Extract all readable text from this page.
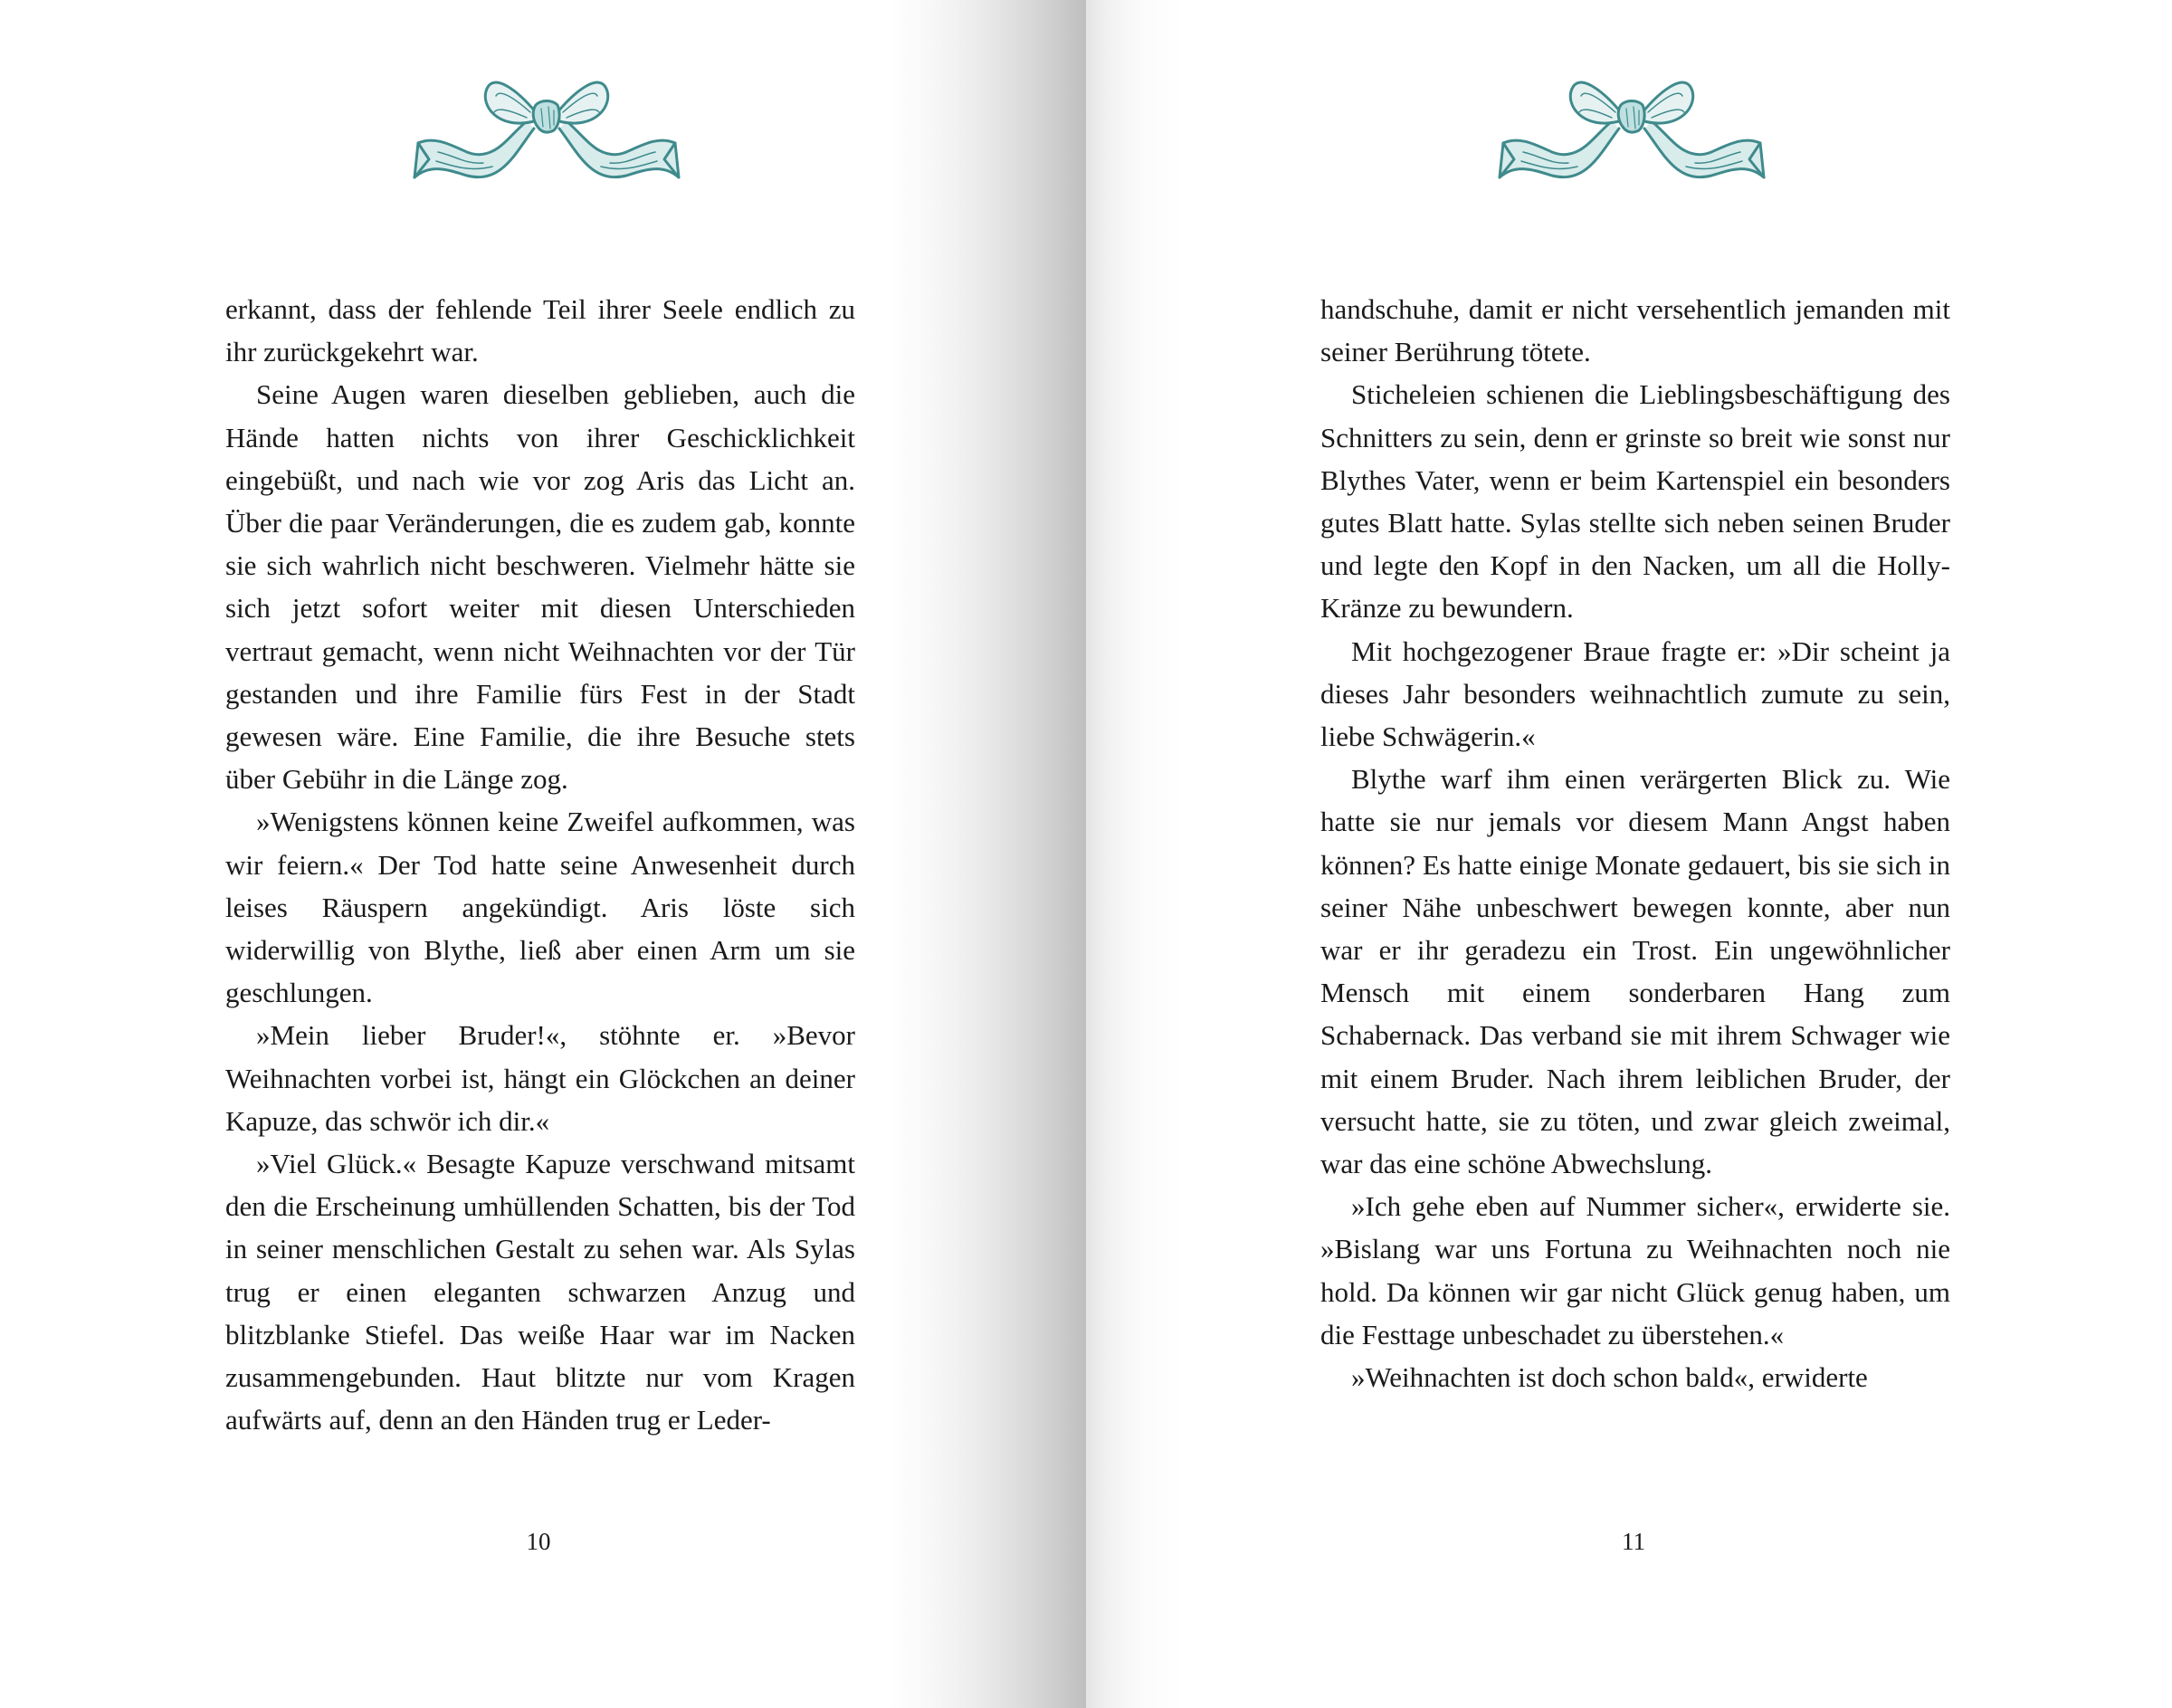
erkannt, dass der fehlende Teil ihrer Seele endlich zu ihr zurückgekehrt war.

Seine Augen waren dieselben geblieben, auch die Hände hatten nichts von ihrer Geschicklichkeit eingebüßt, und nach wie vor zog Aris das Licht an. Über die paar Veränderungen, die es zudem gab, konnte sie sich wahrlich nicht beschweren. Vielmehr hätte sie sich jetzt sofort weiter mit diesen Unterschieden vertraut gemacht, wenn nicht Weihnachten vor der Tür gestanden und ihre Familie fürs Fest in der Stadt gewesen wäre. Eine Familie, die ihre Besuche stets über Gebühr in die Länge zog.

»Wenigstens können keine Zweifel aufkommen, was wir feiern.« Der Tod hatte seine Anwesenheit durch leises Räuspern angekündigt. Aris löste sich widerwillig von Blythe, ließ aber einen Arm um sie geschlungen.

»Mein lieber Bruder!«, stöhnte er. »Bevor Weihnachten vorbei ist, hängt ein Glöckchen an deiner Kapuze, das schwör ich dir.«

»Viel Glück.« Besagte Kapuze verschwand mitsamt den die Erscheinung umhüllenden Schatten, bis der Tod in seiner menschlichen Gestalt zu sehen war. Als Sylas trug er einen eleganten schwarzen Anzug und blitzblanke Stiefel. Das weiße Haar war im Nacken zusammengebunden. Haut blitzte nur vom Kragen aufwärts auf, denn an den Händen trug er Leder-

10

handschuhe, damit er nicht versehentlich jemanden mit seiner Berührung tötete.

Sticheleien schienen die Lieblingsbeschäftigung des Schnitters zu sein, denn er grinste so breit wie sonst nur Blythes Vater, wenn er beim Kartenspiel ein besonders gutes Blatt hatte. Sylas stellte sich neben seinen Bruder und legte den Kopf in den Nacken, um all die Holly-Kränze zu bewundern.

Mit hochgezogener Braue fragte er: »Dir scheint ja dieses Jahr besonders weihnachtlich zumute zu sein, liebe Schwägerin.«

Blythe warf ihm einen verärgerten Blick zu. Wie hatte sie nur jemals vor diesem Mann Angst haben können? Es hatte einige Monate gedauert, bis sie sich in seiner Nähe unbeschwert bewegen konnte, aber nun war er ihr geradezu ein Trost. Ein ungewöhnlicher Mensch mit einem sonderbaren Hang zum Schabernack. Das verband sie mit ihrem Schwager wie mit einem Bruder. Nach ihrem leiblichen Bruder, der versucht hatte, sie zu töten, und zwar gleich zweimal, war das eine schöne Abwechslung.

»Ich gehe eben auf Nummer sicher«, erwiderte sie. »Bislang war uns Fortuna zu Weihnachten noch nie hold. Da können wir gar nicht Glück genug haben, um die Festtage unbeschadet zu überstehen.«

»Weihnachten ist doch schon bald«, erwiderte

11
